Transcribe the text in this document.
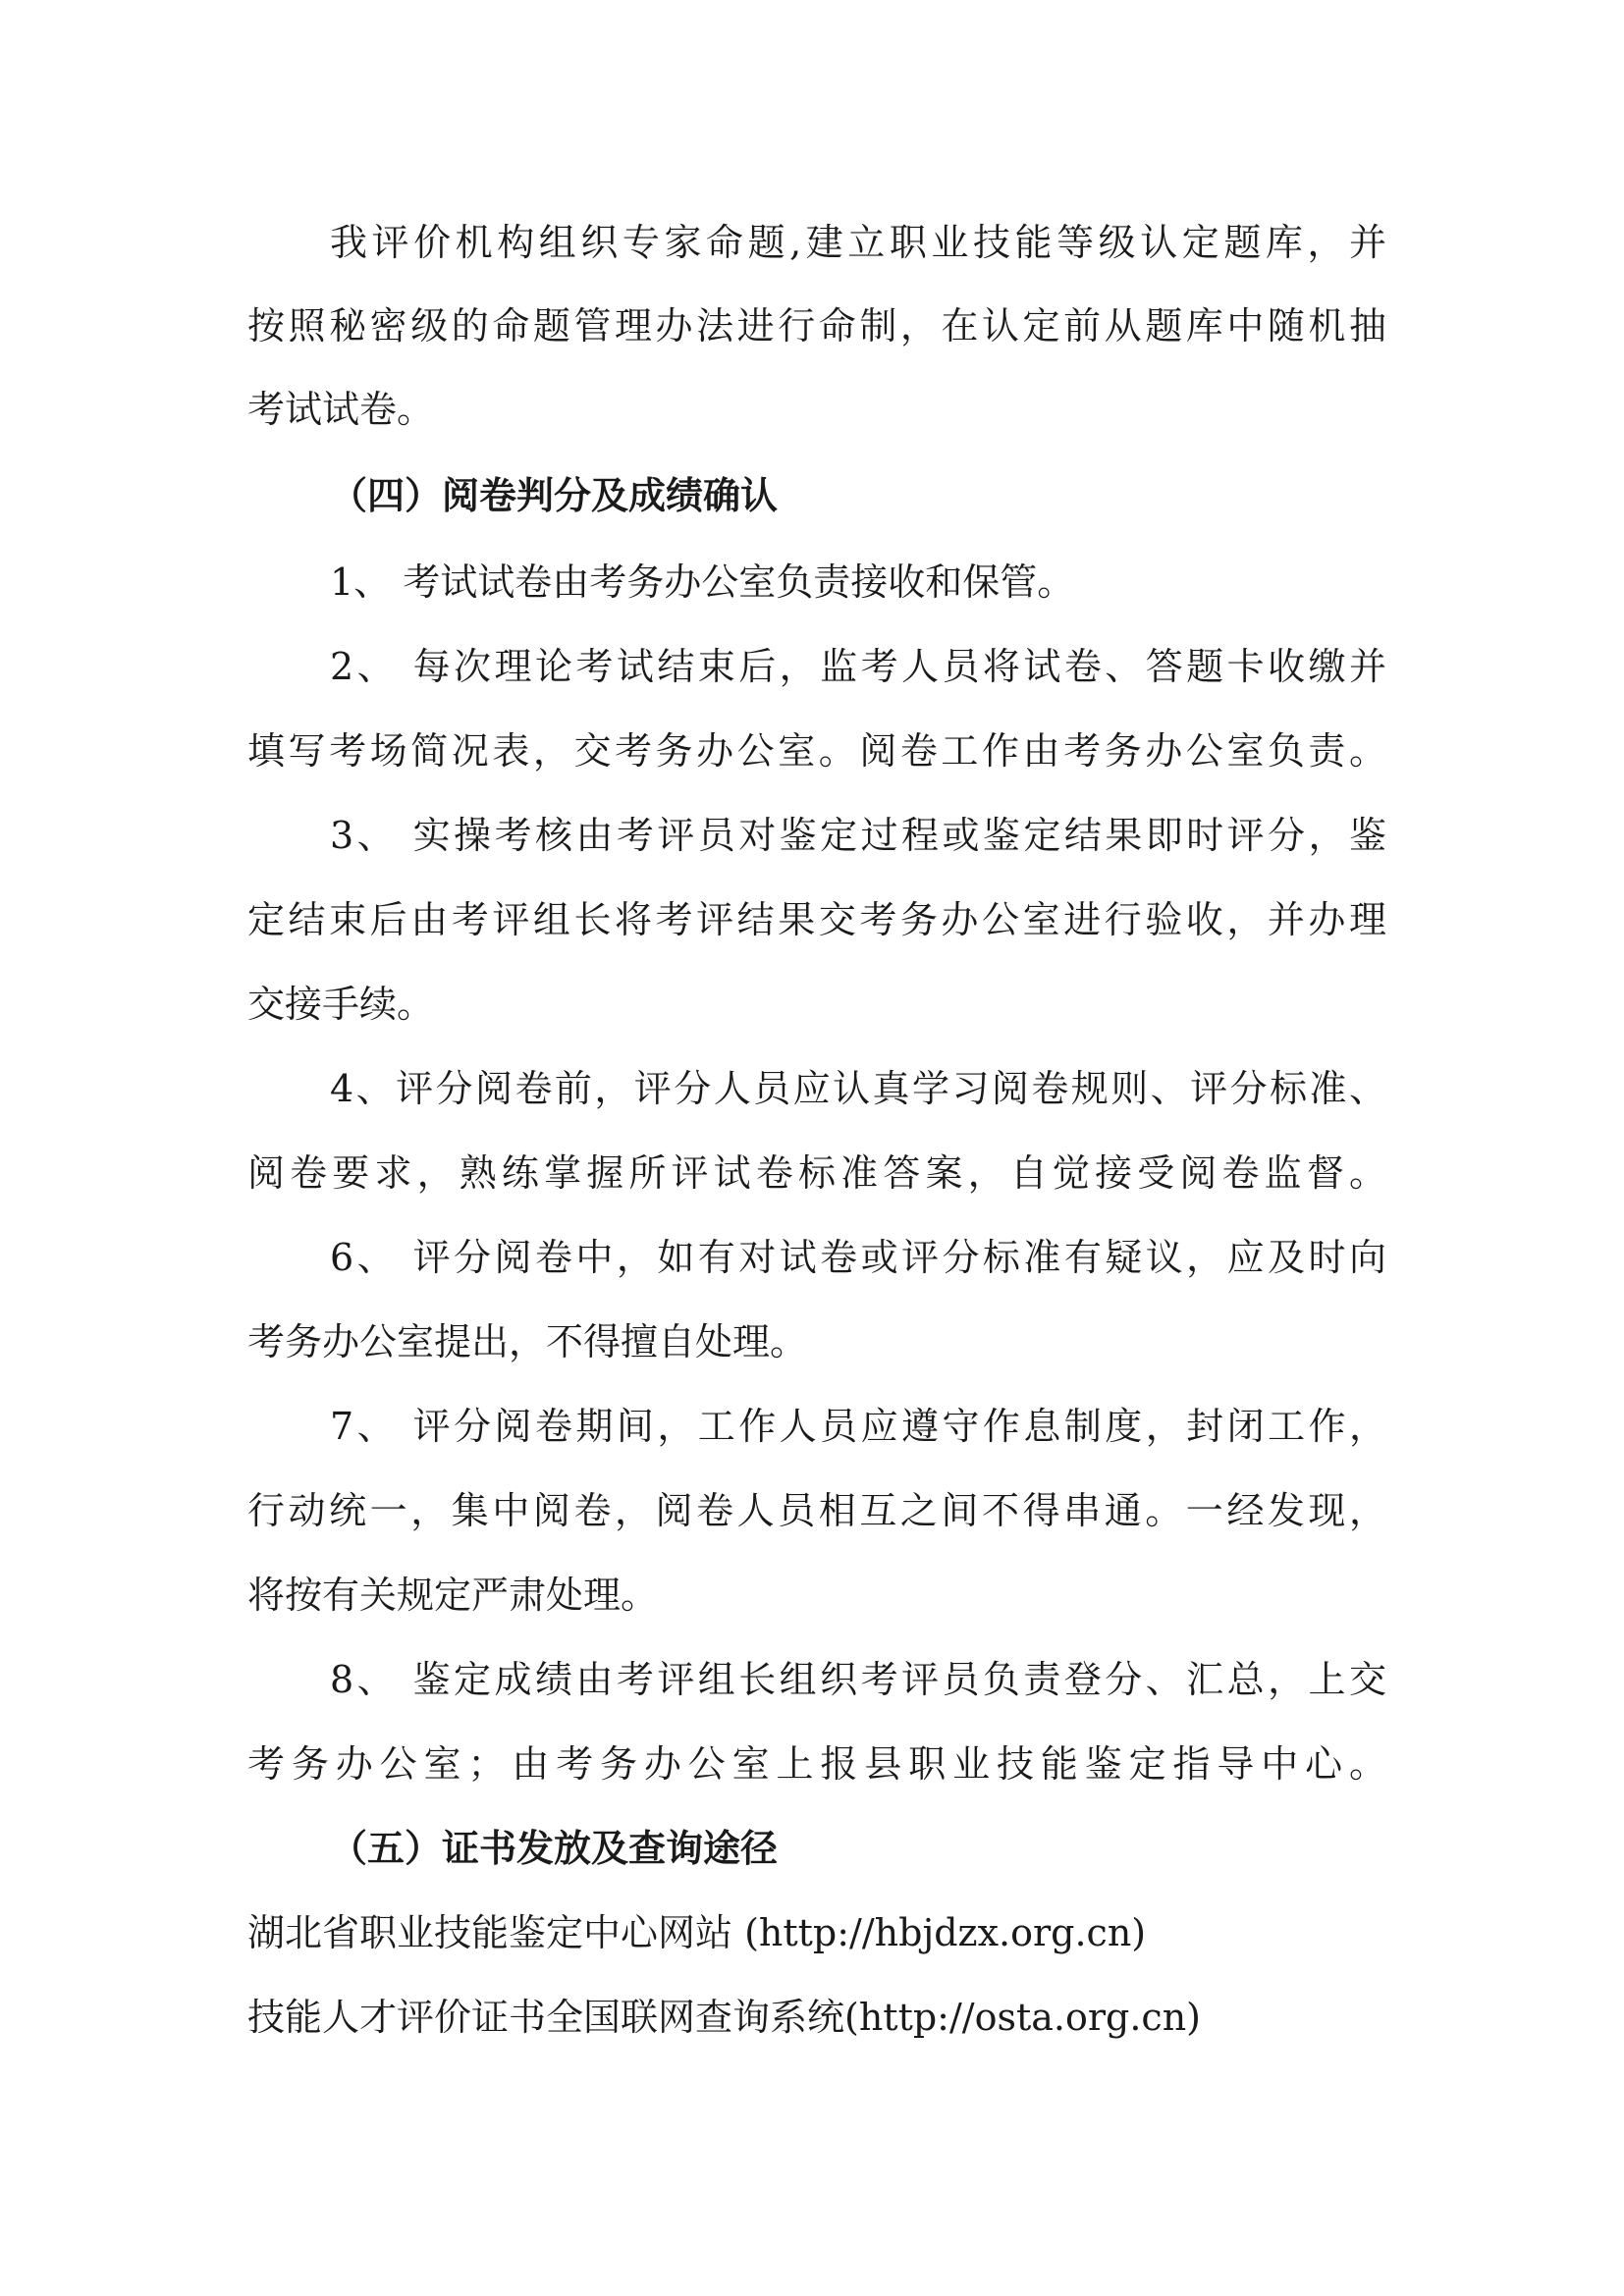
我评价机构组织专家命题,建立职业技能等级认定题库，并
按照秘密级的命题管理办法进行命制，在认定前从题库中随机抽
考试试卷。
（四）阅卷判分及成绩确认
1、 考试试卷由考务办公室负责接收和保管。
2、 每次理论考试结束后，监考人员将试卷、答题卡收缴并
填写考场简况表，交考务办公室。阅卷工作由考务办公室负责。
3、 实操考核由考评员对鉴定过程或鉴定结果即时评分，鉴
定结束后由考评组长将考评结果交考务办公室进行验收，并办理
交接手续。
4、评分阅卷前，评分人员应认真学习阅卷规则、评分标准、
阅卷要求，熟练掌握所评试卷标准答案，自觉接受阅卷监督。
6、 评分阅卷中，如有对试卷或评分标准有疑议，应及时向
考务办公室提出，不得擅自处理。
7、 评分阅卷期间，工作人员应遵守作息制度，封闭工作，
行动统一，集中阅卷，阅卷人员相互之间不得串通。一经发现，
将按有关规定严肃处理。
8、 鉴定成绩由考评组长组织考评员负责登分、汇总，上交
考务办公室；由考务办公室上报县职业技能鉴定指导中心。
（五）证书发放及查询途径
湖北省职业技能鉴定中心网站 (http://hbjdzx.org.cn)
技能人才评价证书全国联网查询系统(http://osta.org.cn)
